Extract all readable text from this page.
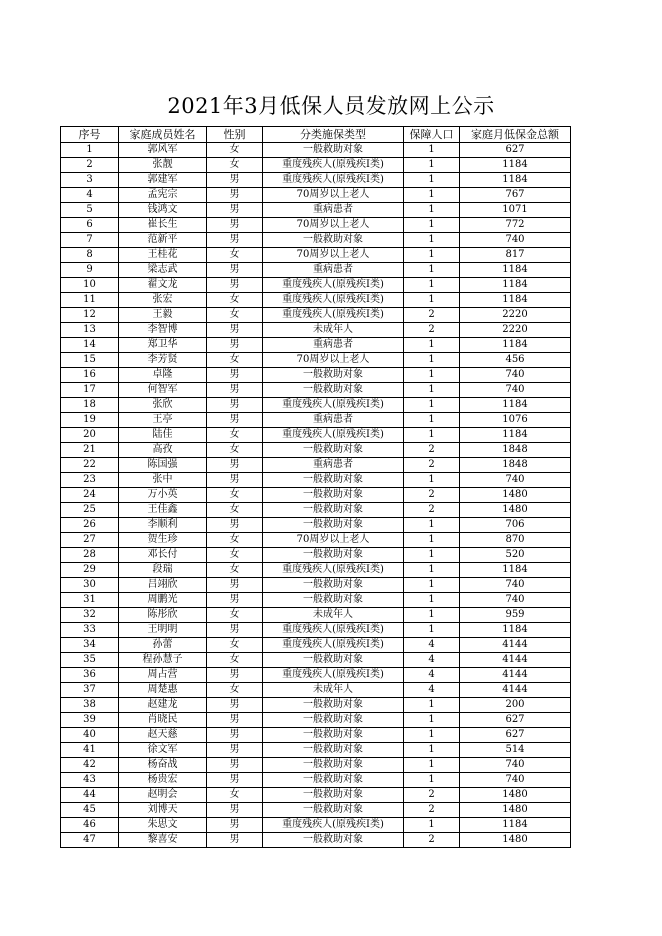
2021年3月低保人员发放网上公示
序号	家庭成员姓名	性别	分类施保类型	保障人口	家庭月低保金总额
1	郭风军	女	一般救助对象	1	627
2	张靓	女	重度残疾人(原残疾Ⅰ类)	1	1184
3	郭建军	男	重度残疾人(原残疾Ⅰ类)	1	1184
4	孟宪宗	男	70周岁以上老人	1	767
5	钱鸿文	男	重病患者	1	1071
6	崔长生	男	70周岁以上老人	1	772
7	范新平	男	一般救助对象	1	740
8	王桂花	女	70周岁以上老人	1	817
9	梁志武	男	重病患者	1	1184
10	翟文龙	男	重度残疾人(原残疾Ⅰ类)	1	1184
11	张宏	女	重度残疾人(原残疾Ⅰ类)	1	1184
12	王毅	女	重度残疾人(原残疾Ⅰ类)	2	2220
13	李智博	男	未成年人	2	2220
14	郑卫华	男	重病患者	1	1184
15	李芳贤	女	70周岁以上老人	1	456
16	卓隆	男	一般救助对象	1	740
17	何智军	男	一般救助对象	1	740
18	张欣	男	重度残疾人(原残疾Ⅰ类)	1	1184
19	王亭	男	重病患者	1	1076
20	陆佳	女	重度残疾人(原残疾Ⅰ类)	1	1184
21	高孜	女	一般救助对象	2	1848
22	陈国强	男	重病患者	2	1848
23	张中	男	一般救助对象	1	740
24	万小英	女	一般救助对象	2	1480
25	王佳鑫	女	一般救助对象	2	1480
26	李顺利	男	一般救助对象	1	706
27	贺生珍	女	70周岁以上老人	1	870
28	邓长付	女	一般救助对象	1	520
29	段瑞	女	重度残疾人(原残疾Ⅰ类)	1	1184
30	吕翊欣	男	一般救助对象	1	740
31	周鹏光	男	一般救助对象	1	740
32	陈彤欣	女	未成年人	1	959
33	王明明	男	重度残疾人(原残疾Ⅰ类)	1	1184
34	孙蕾	女	重度残疾人(原残疾Ⅰ类)	4	4144
35	程孙慧子	女	一般救助对象	4	4144
36	周占营	男	重度残疾人(原残疾Ⅰ类)	4	4144
37	周楚惠	女	未成年人	4	4144
38	赵建龙	男	一般救助对象	1	200
39	肖晓民	男	一般救助对象	1	627
40	赵天慈	男	一般救助对象	1	627
41	徐文军	男	一般救助对象	1	514
42	杨奋战	男	一般救助对象	1	740
43	杨贵宏	男	一般救助对象	1	740
44	赵明会	女	一般救助对象	2	1480
45	刘博天	男	一般救助对象	2	1480
46	朱思文	男	重度残疾人(原残疾Ⅰ类)	1	1184
47	黎喜安	男	一般救助对象	2	1480
